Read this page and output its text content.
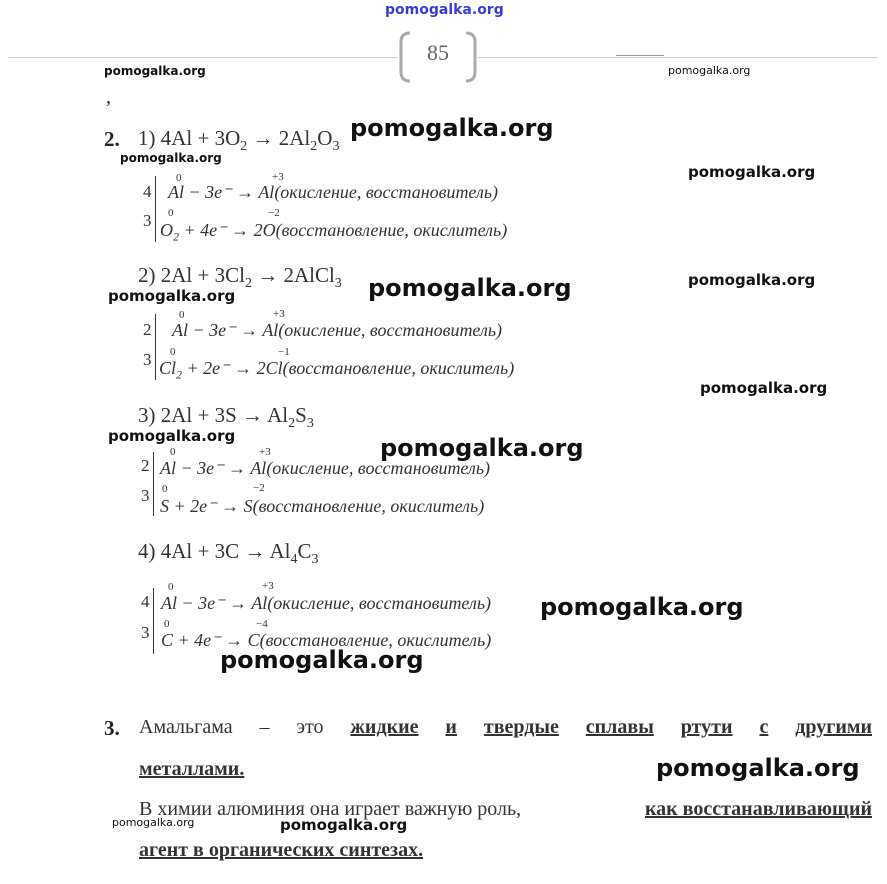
pomogalka.org
85
pomogalka.org	pomogalka.org
,
2. 1) $4Al + 3O_2 \to 2Al_2O_3$
4
0	+3
Al − 3e⁻ → Al(окисление, восстановитель)
3 0	−2
$O_2 + 4e^-$ → 2O(восстановление, окислитель)
2) $2Al + 3Cl_2$ → 2AlCl$_3$
2
0	+3
Al − 3e⁻ → Al(окисление, восстановитель)
3 0	−1
$Cl_2 + 2e^-$ → 2Cl(восстановление, окислитель)
3) $2Al + 3S \to Al_2S_3$
2
0	+3
Al − 3e⁻ → Al(окисление, восстановитель)
3 0	−2
S + 2e⁻ → S(восстановление, окислитель)
4) $4Al + 3C \to Al_4C_3$
4
0	+3
Al − 3e⁻ → Al(окисление, восстановитель)
3 0	−4
C + 4e⁻ → C(восстановление, окислитель)
3. Амальгама – это жидкие и твердые сплавы ртути с другими
металлами.
В химии алюминия она играет важную роль,	как восстанавливающий
агент в органических синтезах.
pomogalka.org
pomogalka.org
pomogalka.org
pomogalka.org
pomogalka.org
pomogalka.org
pomogalka.org
pomogalka.org	pomogalka.org
pomogalka.org
pomogalka.org
pomogalka.org
pomogalka.org	pomogalka.org
